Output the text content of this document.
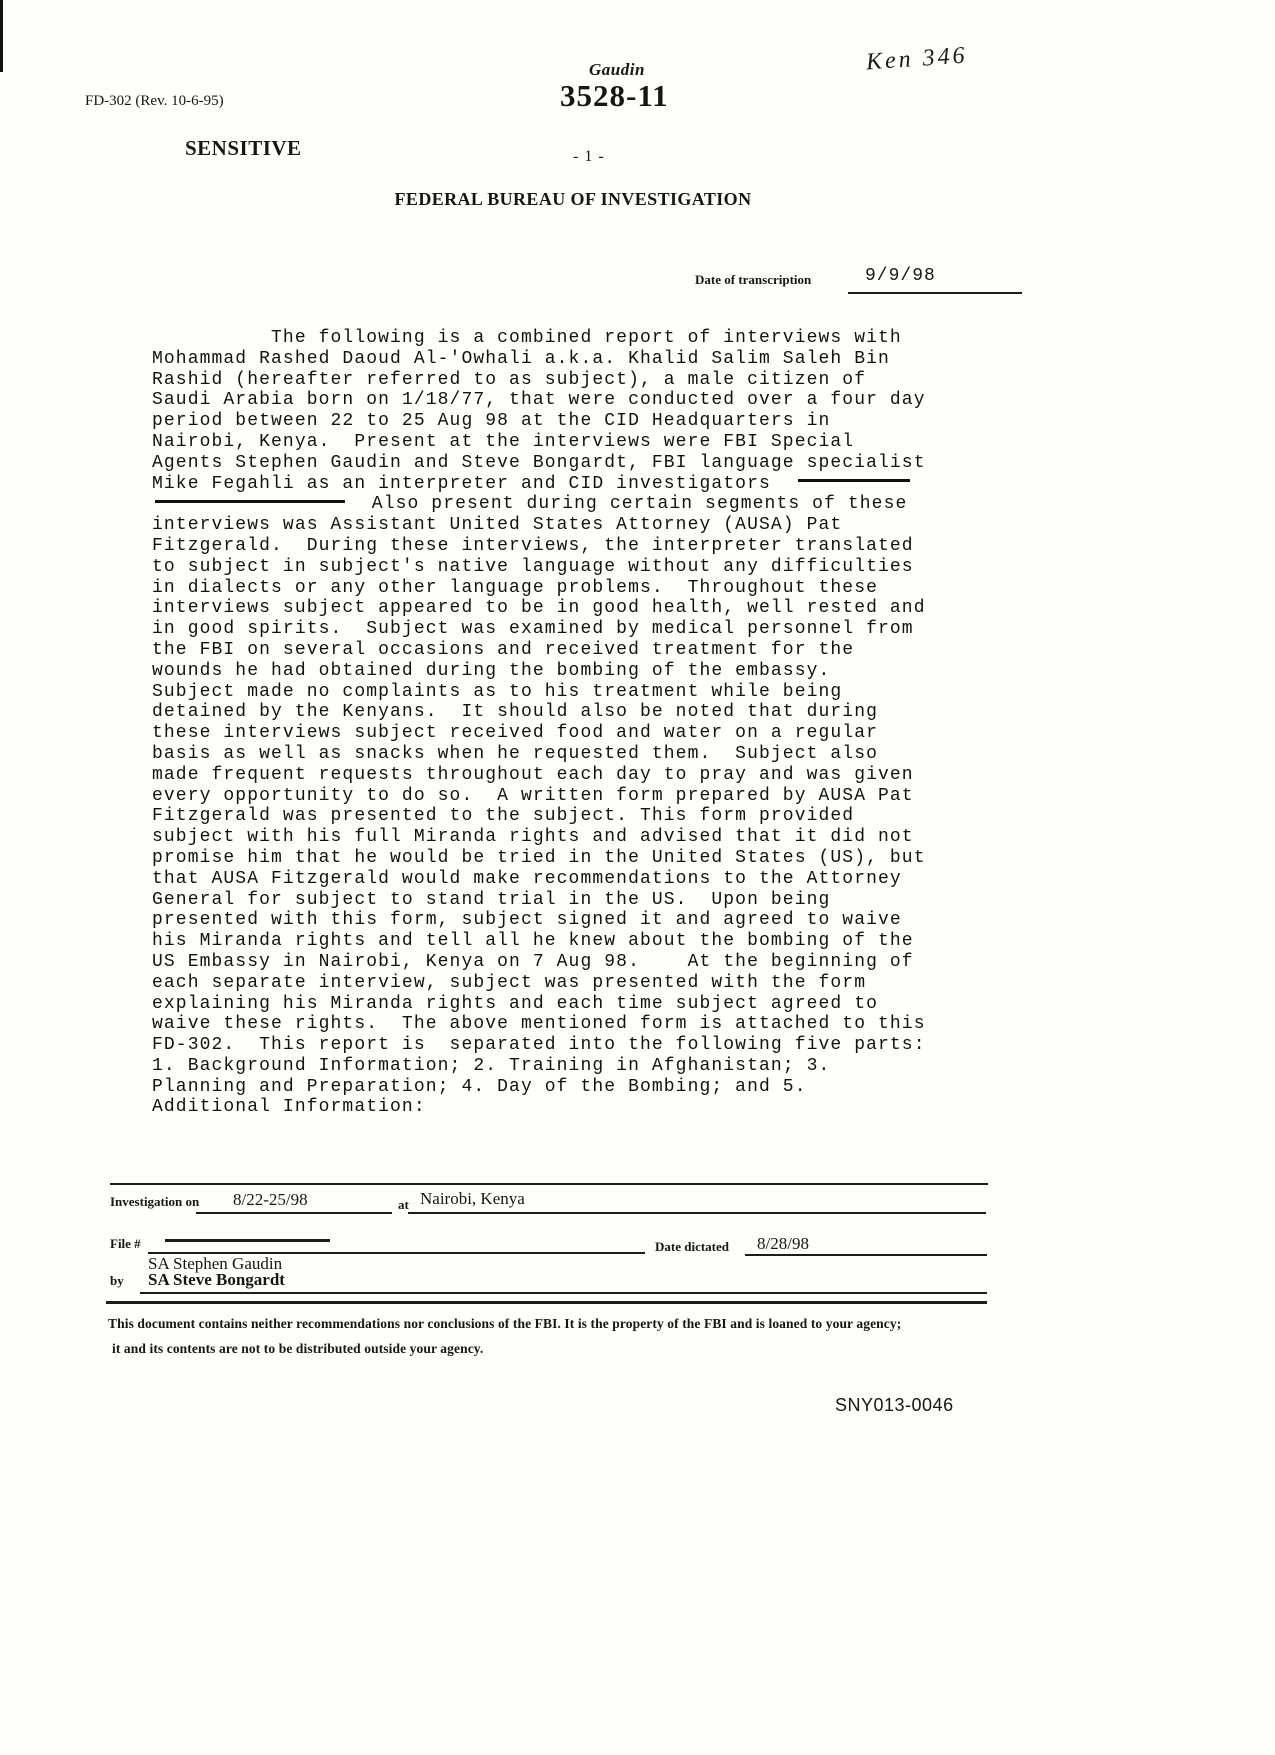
FD-302 (Rev. 10-6-95)
Gaudin
3528-11
Ken 346
SENSITIVE	- 1 -
FEDERAL BUREAU OF INVESTIGATION
Date of transcription	9/9/98
The following is a combined report of interviews with
Mohammad Rashed Daoud Al-'Owhali a.k.a. Khalid Salim Saleh Bin
Rashid (hereafter referred to as subject), a male citizen of
Saudi Arabia born on 1/18/77, that were conducted over a four day
period between 22 to 25 Aug 98 at the CID Headquarters in
Nairobi, Kenya.  Present at the interviews were FBI Special
Agents Stephen Gaudin and Steve Bongardt, FBI language specialist
Mike Fegahli as an interpreter and CID investigators
Also present during certain segments of these
interviews was Assistant United States Attorney (AUSA) Pat
Fitzgerald.  During these interviews, the interpreter translated
to subject in subject's native language without any difficulties
in dialects or any other language problems.  Throughout these
interviews subject appeared to be in good health, well rested and
in good spirits.  Subject was examined by medical personnel from
the FBI on several occasions and received treatment for the
wounds he had obtained during the bombing of the embassy.
Subject made no complaints as to his treatment while being
detained by the Kenyans.  It should also be noted that during
these interviews subject received food and water on a regular
basis as well as snacks when he requested them.  Subject also
made frequent requests throughout each day to pray and was given
every opportunity to do so.  A written form prepared by AUSA Pat
Fitzgerald was presented to the subject. This form provided
subject with his full Miranda rights and advised that it did not
promise him that he would be tried in the United States (US), but
that AUSA Fitzgerald would make recommendations to the Attorney
General for subject to stand trial in the US.  Upon being
presented with this form, subject signed it and agreed to waive
his Miranda rights and tell all he knew about the bombing of the
US Embassy in Nairobi, Kenya on 7 Aug 98.    At the beginning of
each separate interview, subject was presented with the form
explaining his Miranda rights and each time subject agreed to
waive these rights.  The above mentioned form is attached to this
FD-302.  This report is  separated into the following five parts:
1. Background Information; 2. Training in Afghanistan; 3.
Planning and Preparation; 4. Day of the Bombing; and 5.
Additional Information:
Investigation on 8/22-25/98	at Nairobi, Kenya
File #	Date dictated 8/28/98
SA Stephen Gaudin
by SA Steve Bongardt
This document contains neither recommendations nor conclusions of the FBI. It is the property of the FBI and is loaned to your agency;
it and its contents are not to be distributed outside your agency.
SNY013-0046
